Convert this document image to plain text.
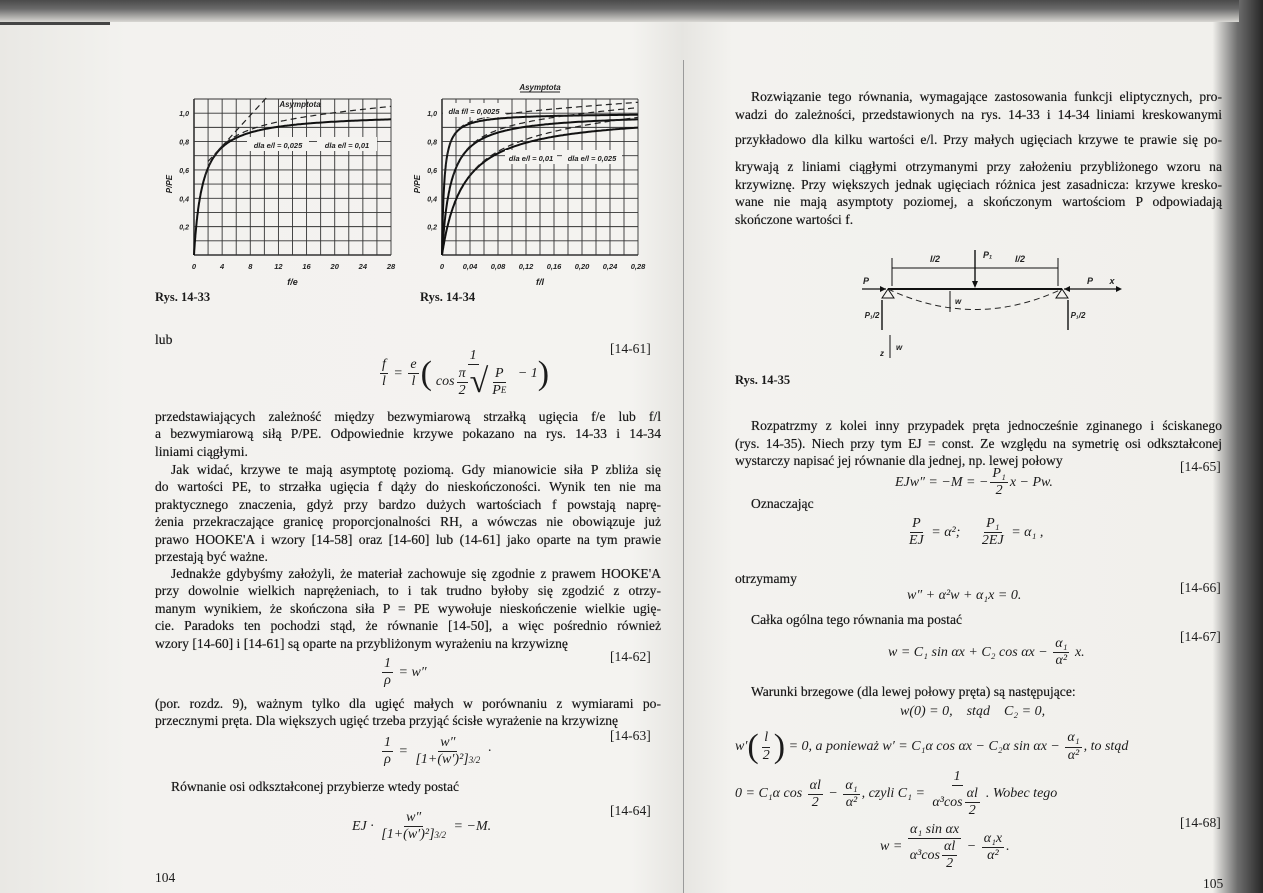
0	4	8	12	16	20	24	28
0,2
0,4
0,6
0,8
1,0
f/e
P/PE
Asymptota
dla e/l = 0,025	dla e/l = 0,01
0 0,04 0,08 0,12 0,16 0,20 0,24 0,28
0,2
0,4
0,6
0,8
1,0
f/l
P/PE
Asymptota
dla f/l = 0,0025
dla e/l = 0,01 dla e/l = 0,025
l/2	P₁	l/2
P	P x
P₁/2	P₁/2
w
z
w
Rys. 14-33	Rys. 14-34
Rys. 14-35
lub
przedstawiających zależność między bezwymiarową strzałką ugięcia f/e lub f/l
a bezwymiarową siłą P/PE. Odpowiednie krzywe pokazano na rys. 14-33 i 14-34
liniami ciągłymi.
Jak widać, krzywe te mają asymptotę poziomą. Gdy mianowicie siła P zbliża się
do wartości PE, to strzałka ugięcia f dąży do nieskończoności. Wynik ten nie ma
praktycznego znaczenia, gdyż przy bardzo dużych wartościach f powstają naprę-
żenia przekraczające granicę proporcjonalności RH, a wówczas nie obowiązuje już
prawo HOOKE'A i wzory [14-58] oraz [14-60] lub (14-61] jako oparte na tym prawie
przestają być ważne.
Jednakże gdybyśmy założyli, że materiał zachowuje się zgodnie z prawem HOOKE'A
przy dowolnie wielkich naprężeniach, to i tak trudno byłoby się zgodzić z otrzy-
manym wynikiem, że skończona siła P = PE wywołuje nieskończenie wielkie ugię-
cie. Paradoks ten pochodzi stąd, że równanie [14-50], a więc pośrednio również
wzory [14-60] i [14-61] są oparte na przybliżonym wyrażeniu na krzywiznę
(por. rozdz. 9), ważnym tylko dla ugięć małych w porównaniu z wymiarami po-
przecznymi pręta. Dla większych ugięć trzeba przyjąć ścisłe wyrażenie na krzywiznę
Równanie osi odkształconej przybierze wtedy postać
Rozwiązanie tego równania, wymagające zastosowania funkcji eliptycznych, pro-
wadzi do zależności, przedstawionych na rys. 14-33 i 14-34 liniami kreskowanymi
przykładowo dla kilku wartości e/l. Przy małych ugięciach krzywe te prawie się po-
krywają z liniami ciągłymi otrzymanymi przy założeniu przybliżonego wzoru na
krzywiznę. Przy większych jednak ugięciach różnica jest zasadnicza: krzywe kresko-
wane nie mają asymptoty poziomej, a skończonym wartościom P odpowiadają
skończone wartości f.
Rozpatrzmy z kolei inny przypadek pręta jednocześnie zginanego i ściskanego
(rys. 14-35). Niech przy tym EJ = const. Ze względu na symetrię osi odkształconej
wystarczy napisać jej równanie dla jednej, np. lewej połowy
Oznaczając
otrzymamy
Całka ogólna tego równania ma postać
Warunki brzegowe (dla lewej połowy pręta) są następujące:
104	105
$\frac{f}{l} = \frac{e}{l}$ ( $\frac{1}{\cos \frac{\pi}{2} √ \frac{P}{\text{P E}}} - 1$ )
[14-61]
$\frac{1}{\rho} = w''$
[14-62]
$\frac{1}{\rho} = \frac{w''}{\text{[1+(w′)²] 3/2}}$ ·
[14-63]
EJ · $\frac{w''}{\text{[1+(w′)²] 3/2}} = -M$.
[14-64]
EJw″ = −M = − $\frac{\text{P₁}}{2}$ x − Pw.
[14-65]
$\frac{P}{EJ} = \alpha^2$; $\frac{\text{P₁}}{2EJ} = \alpha_1$ ,
w″ + α²w + α₁x = 0.
[14-66]
w = C₁ sin αx + C₂ $\cos \alpha x - \frac{\text{α₁}}{\text{α²}} x$.
[14-67]
w(0) = 0,    stąd    C₂ = 0,
w′ ( $\frac{l}{2}$ ) = 0, a ponieważ w′ = C₁α cos αx − C₂α $\sin \alpha x - \frac{\text{α₁}}{\text{α²}}$ , to stąd
0 = C₁α $\cos \frac{\alpha l}{2} - \frac{\text{α₁}}{\text{α²}}$ , czyli $C_1 = \frac{1}{\alpha^3\cos \frac{\alpha l}{2}}$ . Wobec tego
$w = \frac{\text{α₁ sin αx}}{\alpha^3\cos \frac{\alpha l}{2}} - \frac{\text{α₁x}}{\text{α²}}$ .
[14-68]
